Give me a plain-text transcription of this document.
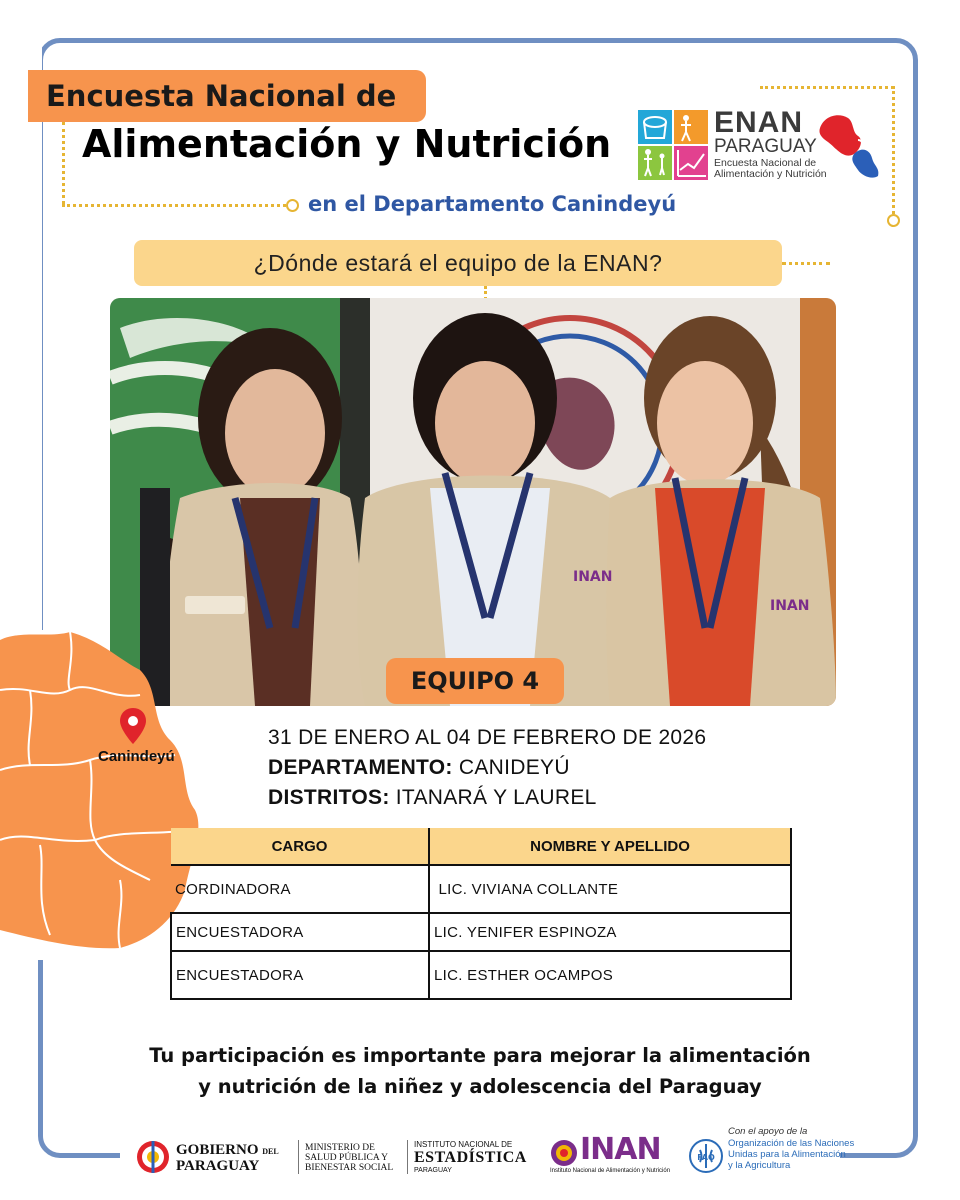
Encuesta Nacional de
Alimentación y Nutrición
en el Departamento Canindeyú
ENAN
PARAGUAY
Encuesta Nacional de Alimentación y Nutrición
¿Dónde estará el equipo de la ENAN?
INAN
INAN
EQUIPO 4
Canindeyú
31 DE ENERO AL 04 DE FEBRERO DE 2026
DEPARTAMENTO: CANIDEYÚ
DISTRITOS: ITANARÁ Y LAUREL
CARGO	NOMBRE Y APELLIDO
CORDINADORA	LIC. VIVIANA COLLANTE
ENCUESTADORA	LIC. YENIFER ESPINOZA
ENCUESTADORA	LIC. ESTHER OCAMPOS
Tu participación es importante para mejorar la alimentación
y nutrición de la niñez y adolescencia del Paraguay
GOBIERNO DEL
PARAGUAY
MINISTERIO DE
SALUD PÚBLICA Y
BIENESTAR SOCIAL
INSTITUTO NACIONAL DE
ESTADÍSTICA
PARAGUAY
INAN
Instituto Nacional de Alimentación y Nutrición
FAO
Con el apoyo de la
Organización de las Naciones
Unidas para la Alimentación
y la Agricultura
